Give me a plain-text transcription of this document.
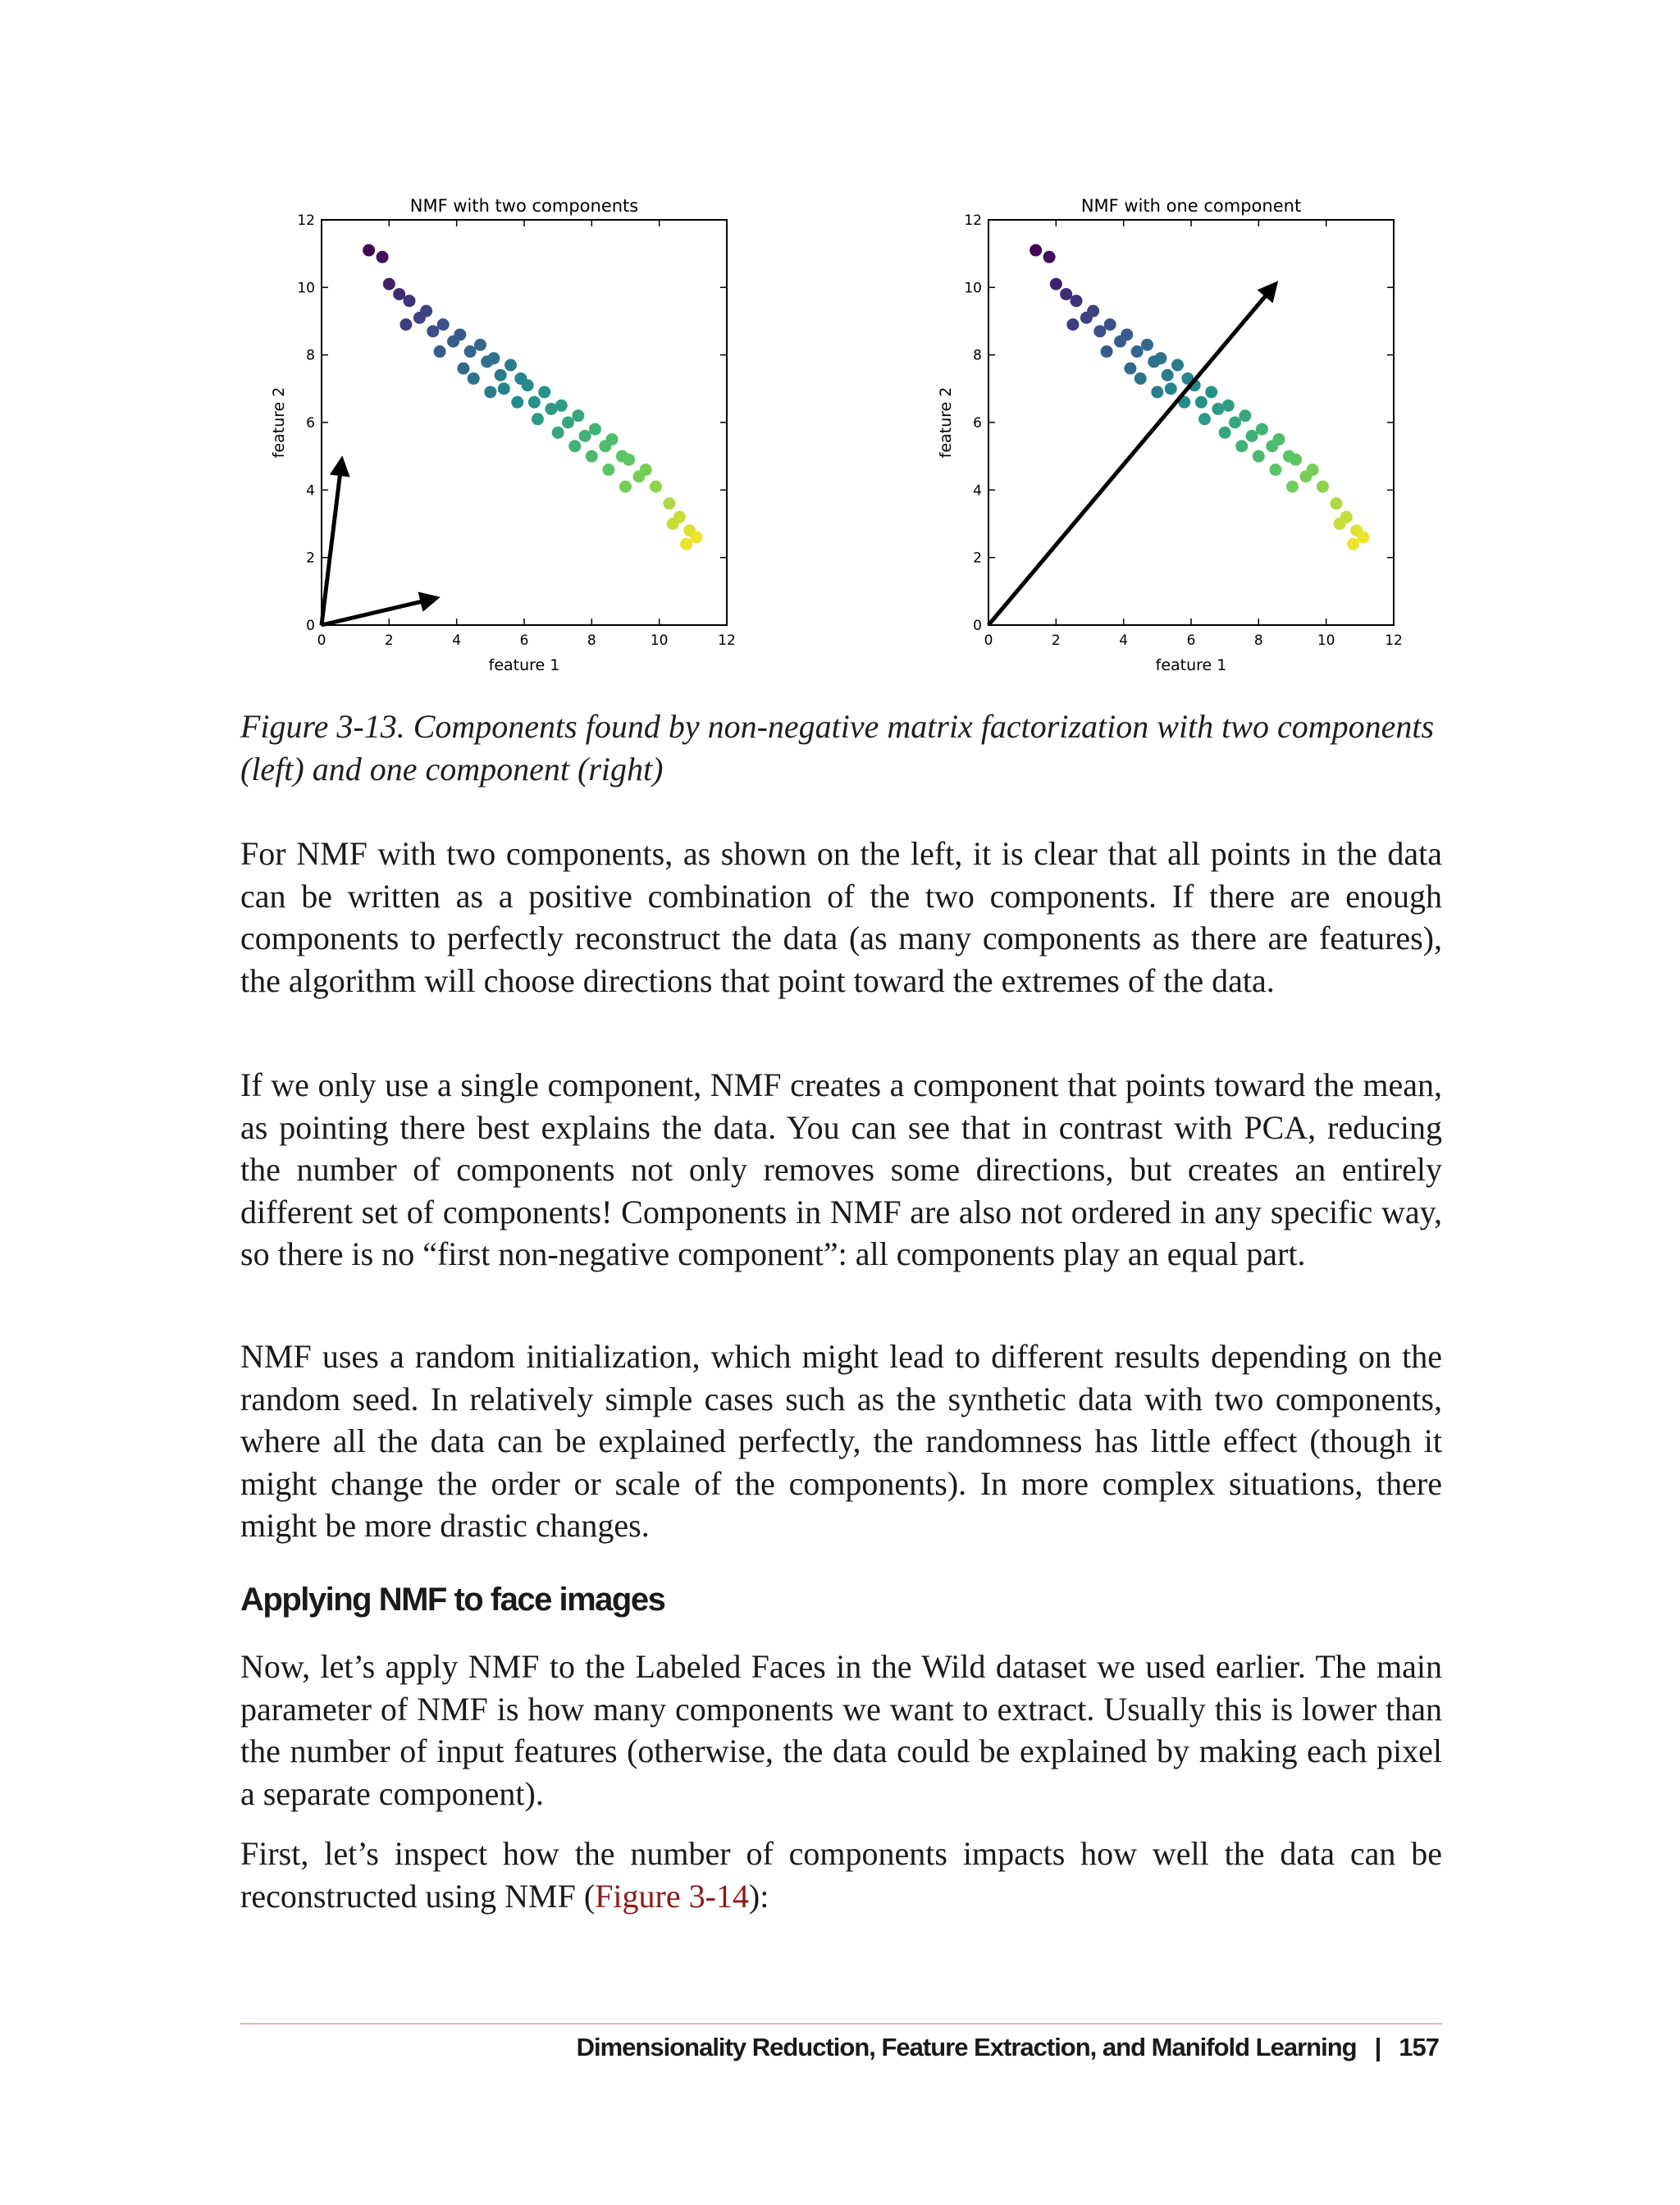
NMF with two components
0	2	4	6	8	10	12
0
2
4
6
8
10
12
feature 1
feature 2
NMF with one component
0	2	4	6	8	10	12
0
2
4
6
8
10
12
feature 1
feature 2
Figure 3-13. Components found by non-negative matrix factorization with two components (left) and one component (right)

For NMF with two components, as shown on the left, it is clear that all points in the data can be written as a positive combination of the two components. If there are enough components to perfectly reconstruct the data (as many components as there are features), the algorithm will choose directions that point toward the extremes of the data.

If we only use a single component, NMF creates a component that points toward the mean, as pointing there best explains the data. You can see that in contrast with PCA, reducing the number of components not only removes some directions, but creates an entirely different set of components! Components in NMF are also not ordered in any specific way, so there is no “first non-negative component”: all components play an equal part.

NMF uses a random initialization, which might lead to different results depending on the random seed. In relatively simple cases such as the synthetic data with two components, where all the data can be explained perfectly, the randomness has little effect (though it might change the order or scale of the components). In more complex situations, there might be more drastic changes.

Applying NMF to face images

Now, let’s apply NMF to the Labeled Faces in the Wild dataset we used earlier. The main parameter of NMF is how many components we want to extract. Usually this is lower than the number of input features (otherwise, the data could be explained by making each pixel a separate component).

First, let’s inspect how the number of components impacts how well the data can be reconstructed using NMF (Figure 3-14):

Dimensionality Reduction, Feature Extraction, and Manifold Learning | 157
